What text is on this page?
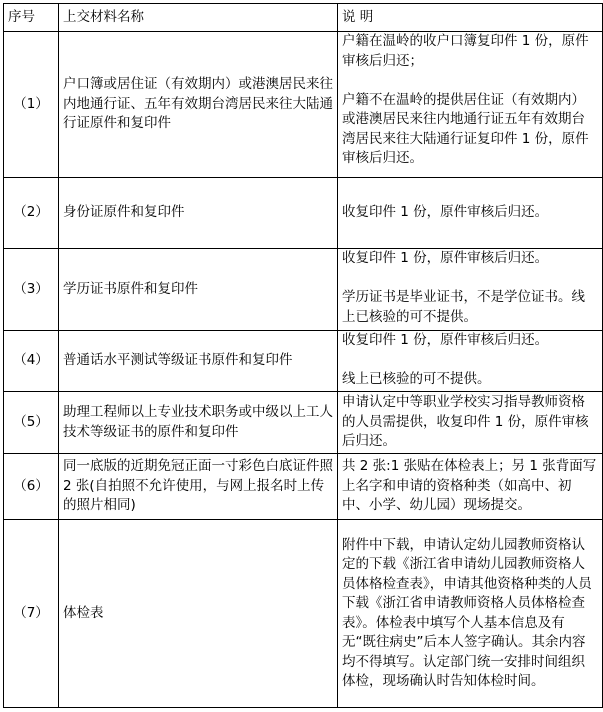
序号	上交材料名称	说 明
（1）	户口簿或居住证（有效期内）或港澳居民来往内地通行证、五年有效期台湾居民来往大陆通行证原件和复印件	户籍在温岭的收户口簿复印件 1 份，原件审核后归还；
户籍不在温岭的提供居住证（有效期内）或港澳居民来往内地通行证五年有效期台湾居民来往大陆通行证复印件 1 份，原件审核后归还。

（2）	身份证原件和复印件	收复印件 1 份，原件审核后归还。

（3）	学历证书原件和复印件	收复印件 1 份，原件审核后归还。
学历证书是毕业证书，不是学位证书。线上已核验的可不提供。

（4）	普通话水平测试等级证书原件和复印件	收复印件 1 份，原件审核后归还。
线上已核验的可不提供。

（5）	助理工程师以上专业技术职务或中级以上工人技术等级证书的原件和复印件	申请认定中等职业学校实习指导教师资格的人员需提供，收复印件 1 份，原件审核后归还。

（6）	同一底版的近期免冠正面一寸彩色白底证件照 2 张(自拍照不允许使用，与网上报名时上传的照片相同)	共 2 张:1 张贴在体检表上；另 1 张背面写上名字和申请的资格种类（如高中、初中、小学、幼儿园）现场提交。

（7）	体检表	附件中下载，申请认定幼儿园教师资格认定的下载《浙江省申请幼儿园教师资格人员体格检查表》，申请其他资格种类的人员下载《浙江省申请教师资格人员体格检查表》。体检表中填写个人基本信息及有无“既往病史”后本人签字确认。其余内容均不得填写。认定部门统一安排时间组织体检，现场确认时告知体检时间。
